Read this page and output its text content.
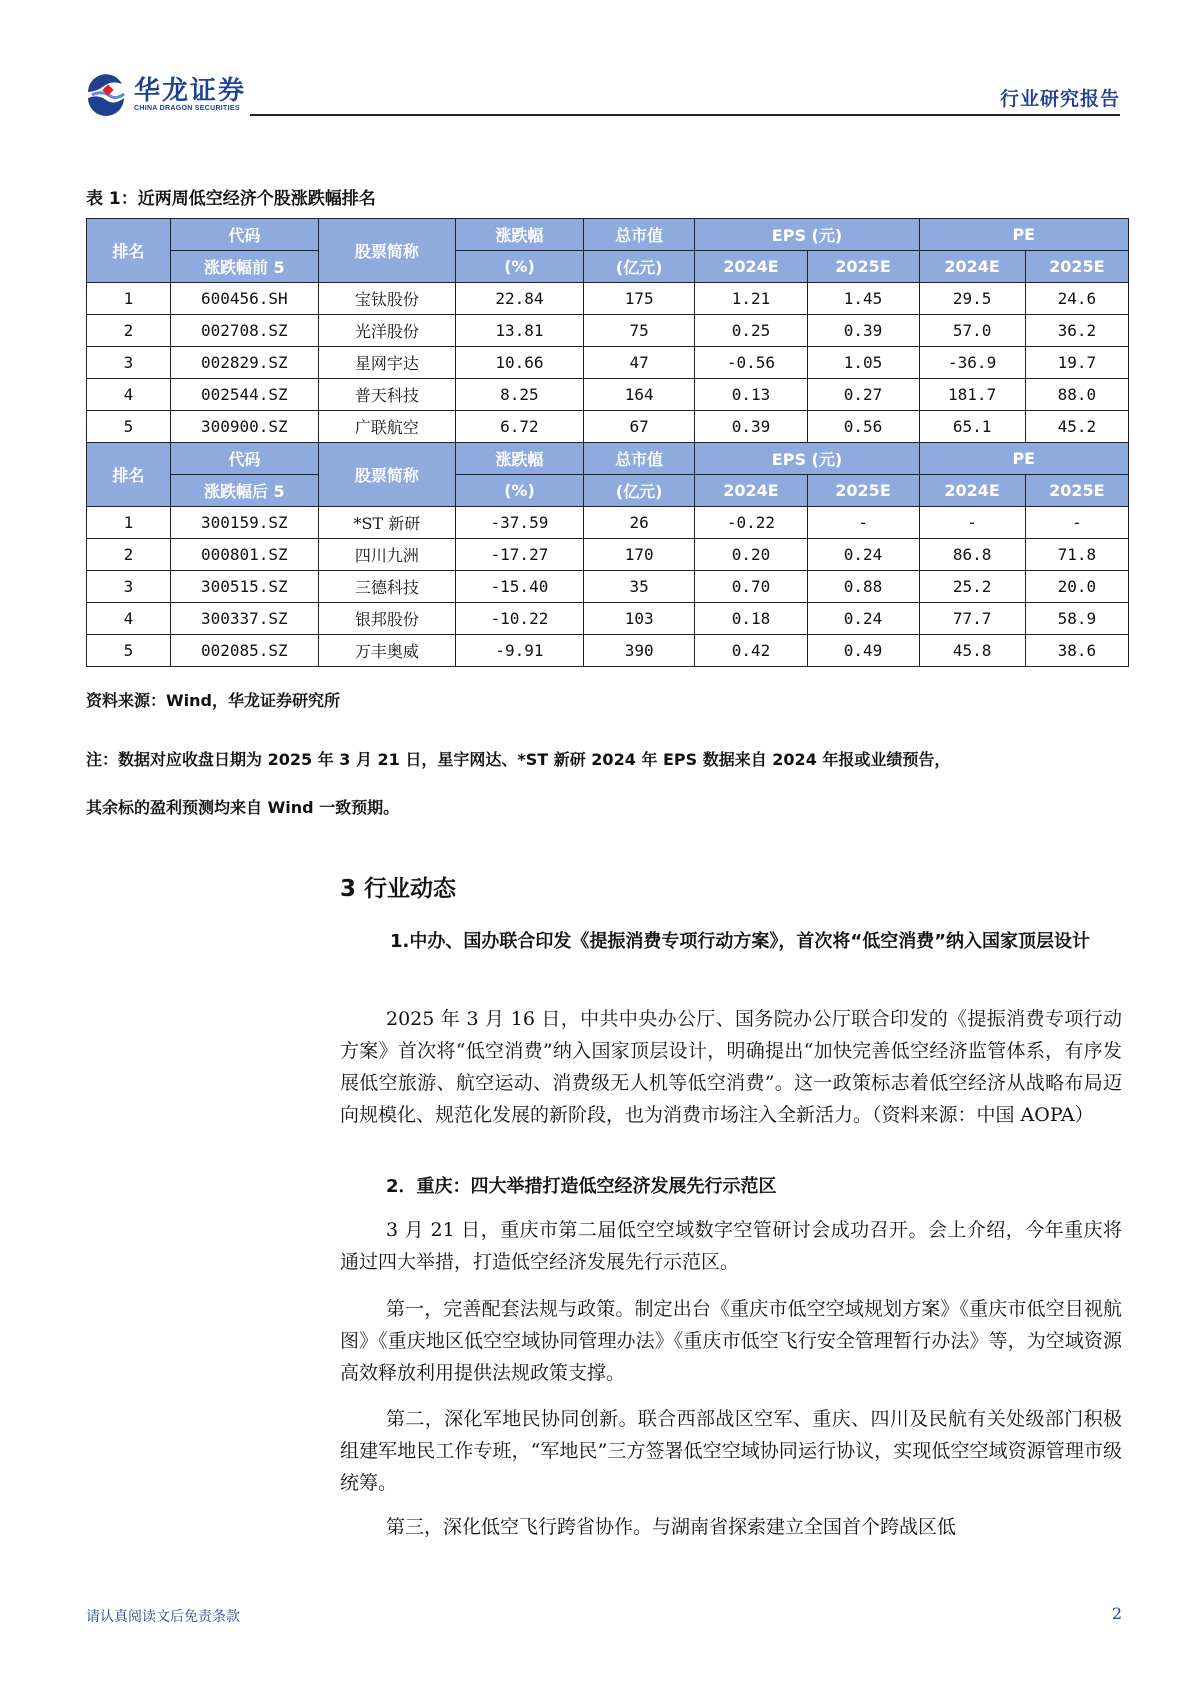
华龙证券
CHINA DRAGON SECURITIES	行业研究报告
表 1：近两周低空经济个股涨跌幅排名
排名	代码	股票简称	涨跌幅	总市值	EPS (元)		PE	
	涨跌幅前 5		(%)	(亿元)	2024E	2025E	2024E	2025E
1	600456.SH	宝钛股份	22.84	175	1.21	1.45	29.5	24.6
2	002708.SZ	光洋股份	13.81	75	0.25	0.39	57.0	36.2
3	002829.SZ	星网宇达	10.66	47	-0.56	1.05	-36.9	19.7
4	002544.SZ	普天科技	8.25	164	0.13	0.27	181.7	88.0
5	300900.SZ	广联航空	6.72	67	0.39	0.56	65.1	45.2
排名	代码	股票简称	涨跌幅	总市值	EPS (元)		PE	
	涨跌幅后 5		(%)	(亿元)	2024E	2025E	2024E	2025E
1	300159.SZ	*ST 新研	-37.59	26	-0.22	-	-	-
2	000801.SZ	四川九洲	-17.27	170	0.20	0.24	86.8	71.8
3	300515.SZ	三德科技	-15.40	35	0.70	0.88	25.2	20.0
4	300337.SZ	银邦股份	-10.22	103	0.18	0.24	77.7	58.9
5	002085.SZ	万丰奥威	-9.91	390	0.42	0.49	45.8	38.6
资料来源：Wind，华龙证券研究所
注：数据对应收盘日期为 2025 年 3 月 21 日，星宇网达、*ST 新研 2024 年 EPS 数据来自 2024 年报或业绩预告，
其余标的盈利预测均来自 Wind 一致预期。
3 行业动态
1.中办、国办联合印发《提振消费专项行动方案》，首次将“低空消费”纳入国家顶层设计
2025 年 3 月 16 日，中共中央办公厅、国务院办公厅联合印发的《提振消费专项行动方案》首次将“低空消费”纳入国家顶层设计，明确提出“加快完善低空经济监管体系，有序发展低空旅游、航空运动、消费级无人机等低空消费”。这一政策标志着低空经济从战略布局迈向规模化、规范化发展的新阶段，也为消费市场注入全新活力。（资料来源：中国 AOPA）
2．重庆：四大举措打造低空经济发展先行示范区
3 月 21 日，重庆市第二届低空空域数字空管研讨会成功召开。会上介绍，今年重庆将通过四大举措，打造低空经济发展先行示范区。
第一，完善配套法规与政策。制定出台《重庆市低空空域规划方案》《重庆市低空目视航图》《重庆地区低空空域协同管理办法》《重庆市低空飞行安全管理暂行办法》等，为空域资源高效释放利用提供法规政策支撑。
第二，深化军地民协同创新。联合西部战区空军、重庆、四川及民航有关处级部门积极组建军地民工作专班，“军地民”三方签署低空空域协同运行协议，实现低空空域资源管理市级统筹。
第三，深化低空飞行跨省协作。与湖南省探索建立全国首个跨战区低
请认真阅读文后免责条款	2
